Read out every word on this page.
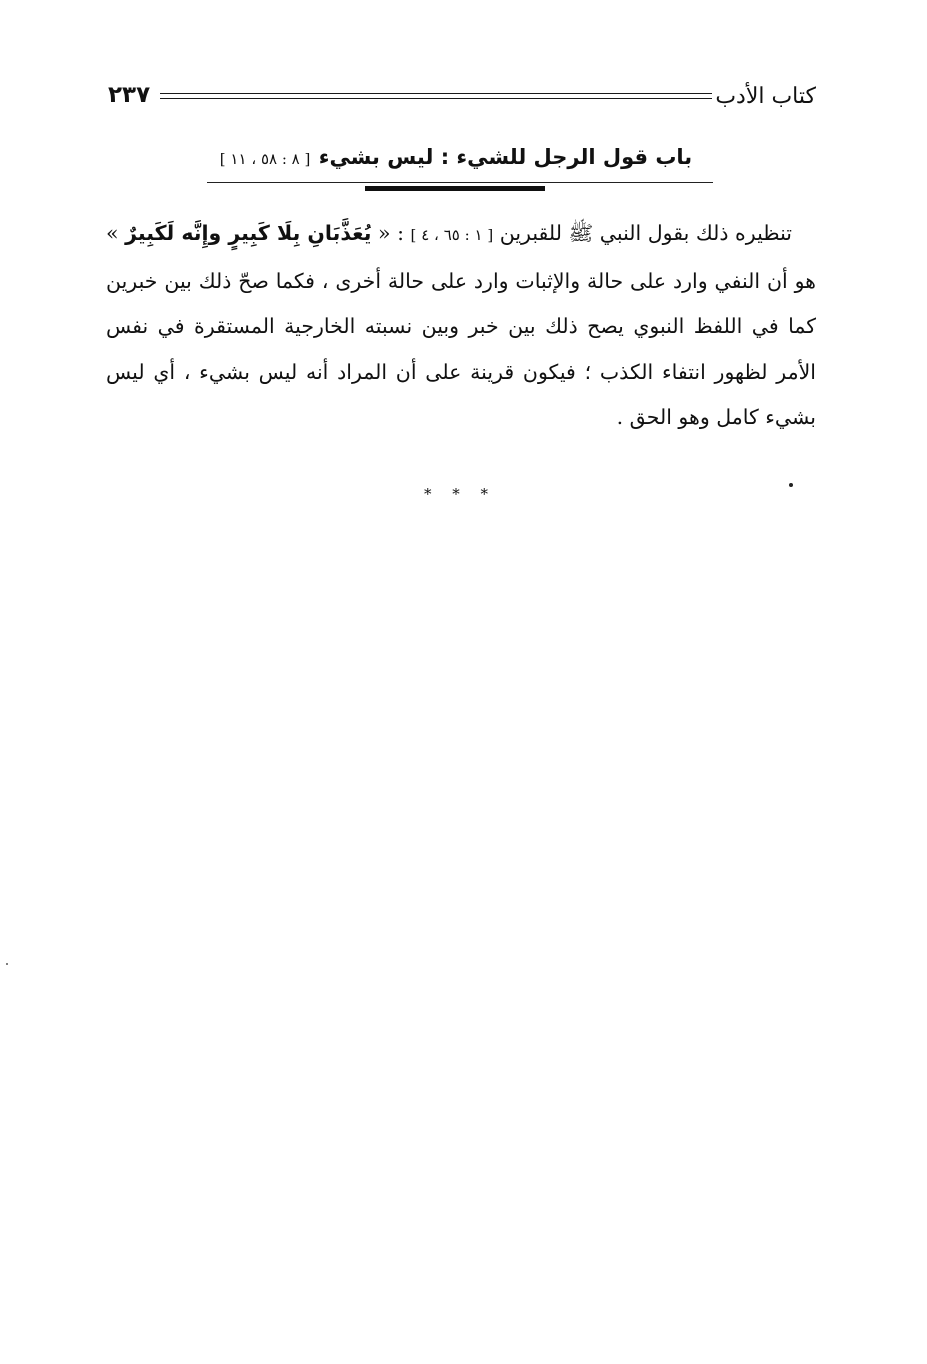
كتاب الأدب
٢٣٧
باب قول الرجل للشيء : ليس بشيء [ ٨ : ٥٨ ، ١١ ]
تنظيره ذلك بقول النبي ﷺ للقبرين [ ١ : ٦٥ ، ٤ ] : « يُعَذَّبَانِ بِلَا كَبِيرٍ وإِنَّه لَكَبِيرٌ » هو أن النفي وارد على حالة والإثبات وارد على حالة أخرى ، فكما صحّ ذلك بين خبرين كما في اللفظ النبوي يصح ذلك بين خبر وبين نسبته الخارجية المستقرة في نفس الأمر لظهور انتفاء الكذب ؛ فيكون قرينة على أن المراد أنه ليس بشيء ، أي ليس بشيء كامل وهو الحق .
* * *
